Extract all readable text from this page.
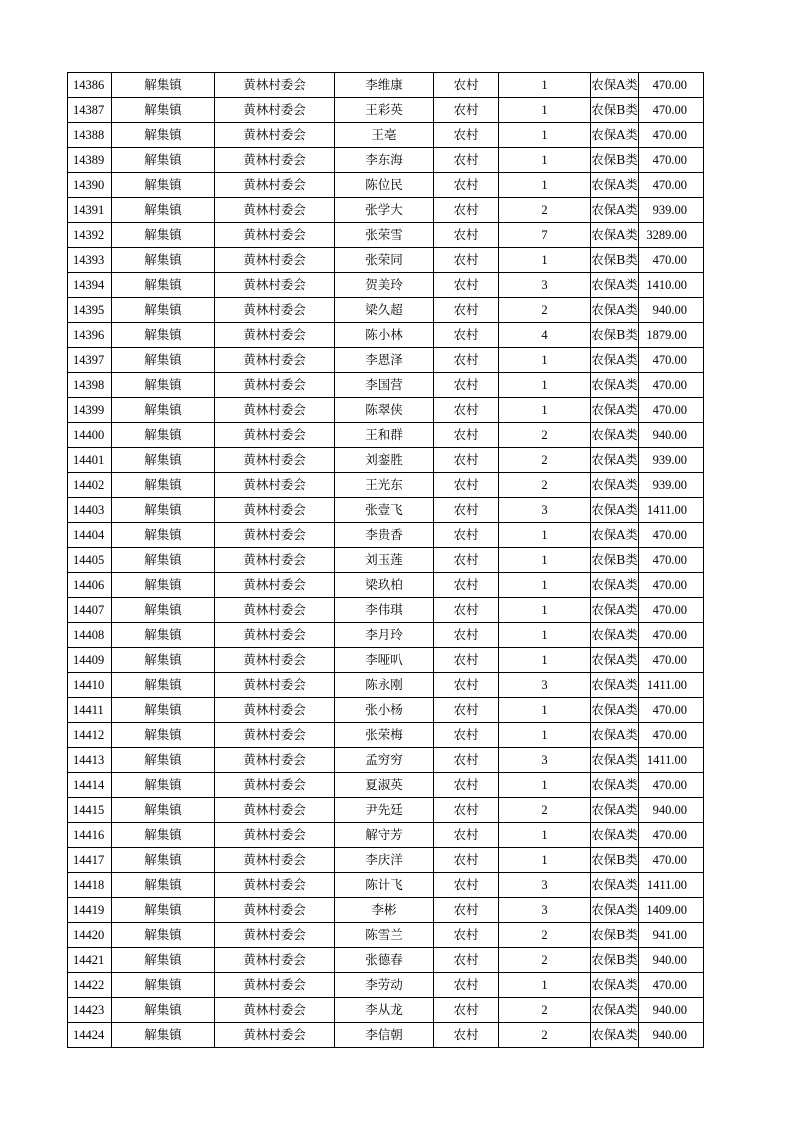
14386	解集镇	黄林村委会	李维康	农村	1	农保A类	470.00
14387	解集镇	黄林村委会	王彩英	农村	1	农保B类	470.00
14388	解集镇	黄林村委会	王亳	农村	1	农保A类	470.00
14389	解集镇	黄林村委会	李东海	农村	1	农保B类	470.00
14390	解集镇	黄林村委会	陈位民	农村	1	农保A类	470.00
14391	解集镇	黄林村委会	张学大	农村	2	农保A类	939.00
14392	解集镇	黄林村委会	张荣雪	农村	7	农保A类	3289.00
14393	解集镇	黄林村委会	张荣同	农村	1	农保B类	470.00
14394	解集镇	黄林村委会	贺美玲	农村	3	农保A类	1410.00
14395	解集镇	黄林村委会	梁久超	农村	2	农保A类	940.00
14396	解集镇	黄林村委会	陈小林	农村	4	农保B类	1879.00
14397	解集镇	黄林村委会	李恩泽	农村	1	农保A类	470.00
14398	解集镇	黄林村委会	李国营	农村	1	农保A类	470.00
14399	解集镇	黄林村委会	陈翠侠	农村	1	农保A类	470.00
14400	解集镇	黄林村委会	王和群	农村	2	农保A类	940.00
14401	解集镇	黄林村委会	刘銮胜	农村	2	农保A类	939.00
14402	解集镇	黄林村委会	王光东	农村	2	农保A类	939.00
14403	解集镇	黄林村委会	张壹飞	农村	3	农保A类	1411.00
14404	解集镇	黄林村委会	李贵香	农村	1	农保A类	470.00
14405	解集镇	黄林村委会	刘玉莲	农村	1	农保B类	470.00
14406	解集镇	黄林村委会	梁玖柏	农村	1	农保A类	470.00
14407	解集镇	黄林村委会	李伟琪	农村	1	农保A类	470.00
14408	解集镇	黄林村委会	李月玲	农村	1	农保A类	470.00
14409	解集镇	黄林村委会	李哑叭	农村	1	农保A类	470.00
14410	解集镇	黄林村委会	陈永刚	农村	3	农保A类	1411.00
14411	解集镇	黄林村委会	张小杨	农村	1	农保A类	470.00
14412	解集镇	黄林村委会	张荣梅	农村	1	农保A类	470.00
14413	解集镇	黄林村委会	孟穷穷	农村	3	农保A类	1411.00
14414	解集镇	黄林村委会	夏淑英	农村	1	农保A类	470.00
14415	解集镇	黄林村委会	尹先廷	农村	2	农保A类	940.00
14416	解集镇	黄林村委会	解守芳	农村	1	农保A类	470.00
14417	解集镇	黄林村委会	李庆洋	农村	1	农保B类	470.00
14418	解集镇	黄林村委会	陈计飞	农村	3	农保A类	1411.00
14419	解集镇	黄林村委会	李彬	农村	3	农保A类	1409.00
14420	解集镇	黄林村委会	陈雪兰	农村	2	农保B类	941.00
14421	解集镇	黄林村委会	张德春	农村	2	农保B类	940.00
14422	解集镇	黄林村委会	李劳动	农村	1	农保A类	470.00
14423	解集镇	黄林村委会	李从龙	农村	2	农保A类	940.00
14424	解集镇	黄林村委会	李信朝	农村	2	农保A类	940.00
